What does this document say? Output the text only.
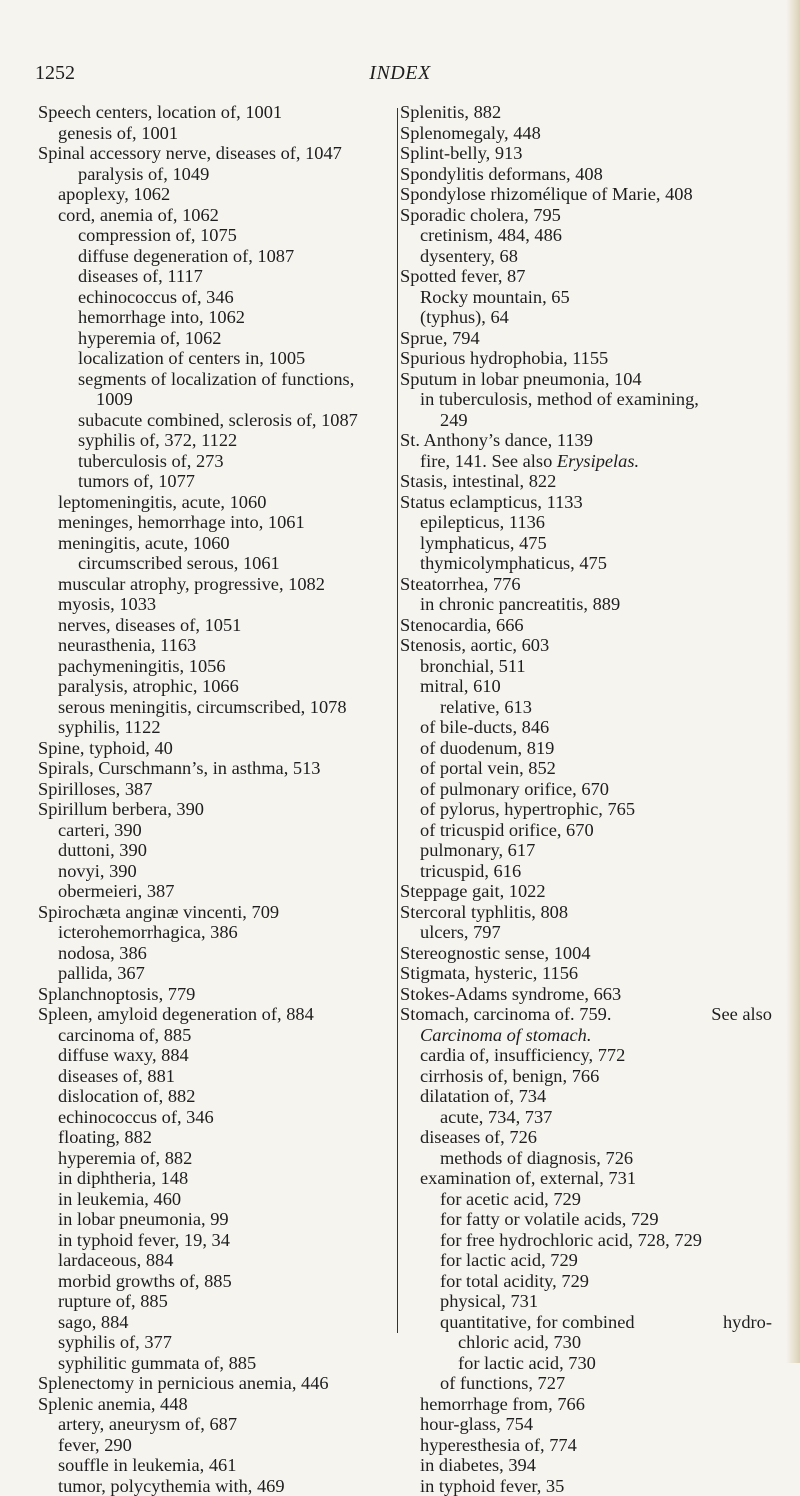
1252	INDEX
Speech centers, location of, 1001
genesis of, 1001
Spinal accessory nerve, diseases of, 1047
paralysis of, 1049
apoplexy, 1062
cord, anemia of, 1062
compression of, 1075
diffuse degeneration of, 1087
diseases of, 1117
echinococcus of, 346
hemorrhage into, 1062
hyperemia of, 1062
localization of centers in, 1005
segments of localization of functions,
1009
subacute combined, sclerosis of, 1087
syphilis of, 372, 1122
tuberculosis of, 273
tumors of, 1077
leptomeningitis, acute, 1060
meninges, hemorrhage into, 1061
meningitis, acute, 1060
circumscribed serous, 1061
muscular atrophy, progressive, 1082
myosis, 1033
nerves, diseases of, 1051
neurasthenia, 1163
pachymeningitis, 1056
paralysis, atrophic, 1066
serous meningitis, circumscribed, 1078
syphilis, 1122
Spine, typhoid, 40
Spirals, Curschmann’s, in asthma, 513
Spirilloses, 387
Spirillum berbera, 390
carteri, 390
duttoni, 390
novyi, 390
obermeieri, 387
Spirochæta anginæ vincenti, 709
icterohemorrhagica, 386
nodosa, 386
pallida, 367
Splanchnoptosis, 779
Spleen, amyloid degeneration of, 884
carcinoma of, 885
diffuse waxy, 884
diseases of, 881
dislocation of, 882
echinococcus of, 346
floating, 882
hyperemia of, 882
in diphtheria, 148
in leukemia, 460
in lobar pneumonia, 99
in typhoid fever, 19, 34
lardaceous, 884
morbid growths of, 885
rupture of, 885
sago, 884
syphilis of, 377
syphilitic gummata of, 885
Splenectomy in pernicious anemia, 446
Splenic anemia, 448
artery, aneurysm of, 687
fever, 290
souffle in leukemia, 461
tumor, polycythemia with, 469
Splenitis, 882
Splenomegaly, 448
Splint-belly, 913
Spondylitis deformans, 408
Spondylose rhizomélique of Marie, 408
Sporadic cholera, 795
cretinism, 484, 486
dysentery, 68
Spotted fever, 87
Rocky mountain, 65
(typhus), 64
Sprue, 794
Spurious hydrophobia, 1155
Sputum in lobar pneumonia, 104
in tuberculosis, method of examining,
249
St. Anthony’s dance, 1139
fire, 141. See also Erysipelas.
Stasis, intestinal, 822
Status eclampticus, 1133
epilepticus, 1136
lymphaticus, 475
thymicolymphaticus, 475
Steatorrhea, 776
in chronic pancreatitis, 889
Stenocardia, 666
Stenosis, aortic, 603
bronchial, 511
mitral, 610
relative, 613
of bile-ducts, 846
of duodenum, 819
of portal vein, 852
of pulmonary orifice, 670
of pylorus, hypertrophic, 765
of tricuspid orifice, 670
pulmonary, 617
tricuspid, 616
Steppage gait, 1022
Stercoral typhlitis, 808
ulcers, 797
Stereognostic sense, 1004
Stigmata, hysteric, 1156
Stokes-Adams syndrome, 663
Stomach, carcinoma of. 759.	See also
Carcinoma of stomach.
cardia of, insufficiency, 772
cirrhosis of, benign, 766
dilatation of, 734
acute, 734, 737
diseases of, 726
methods of diagnosis, 726
examination of, external, 731
for acetic acid, 729
for fatty or volatile acids, 729
for free hydrochloric acid, 728, 729
for lactic acid, 729
for total acidity, 729
physical, 731
quantitative, for combined	hydro-
chloric acid, 730
for lactic acid, 730
of functions, 727
hemorrhage from, 766
hour-glass, 754
hyperesthesia of, 774
in diabetes, 394
in typhoid fever, 35
